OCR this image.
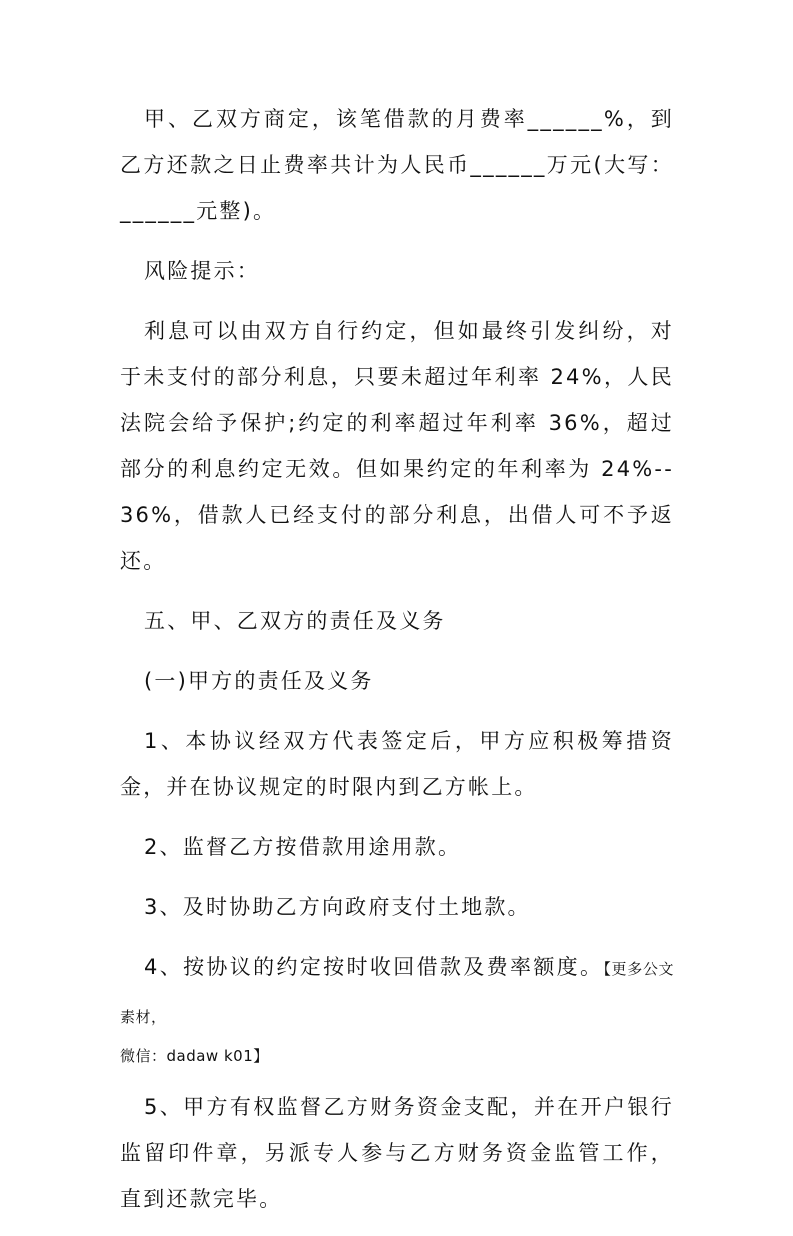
甲、乙双方商定，该笔借款的月费率______%，到乙方还款之日止费率共计为人民币______万元(大写：______元整)。

风险提示：

利息可以由双方自行约定，但如最终引发纠纷，对于未支付的部分利息，只要未超过年利率 24%，人民法院会给予保护;约定的利率超过年利率 36%，超过部分的利息约定无效。但如果约定的年利率为 24%--36%，借款人已经支付的部分利息，出借人可不予返还。

五、甲、乙双方的责任及义务

(一)甲方的责任及义务

1、本协议经双方代表签定后，甲方应积极筹措资金，并在协议规定的时限内到乙方帐上。

2、监督乙方按借款用途用款。

3、及时协助乙方向政府支付土地款。

4、按协议的约定按时收回借款及费率额度。【更多公文素材，

微信：dadaw k01】

5、甲方有权监督乙方财务资金支配，并在开户银行监留印件章，另派专人参与乙方财务资金监管工作，直到还款完毕。
